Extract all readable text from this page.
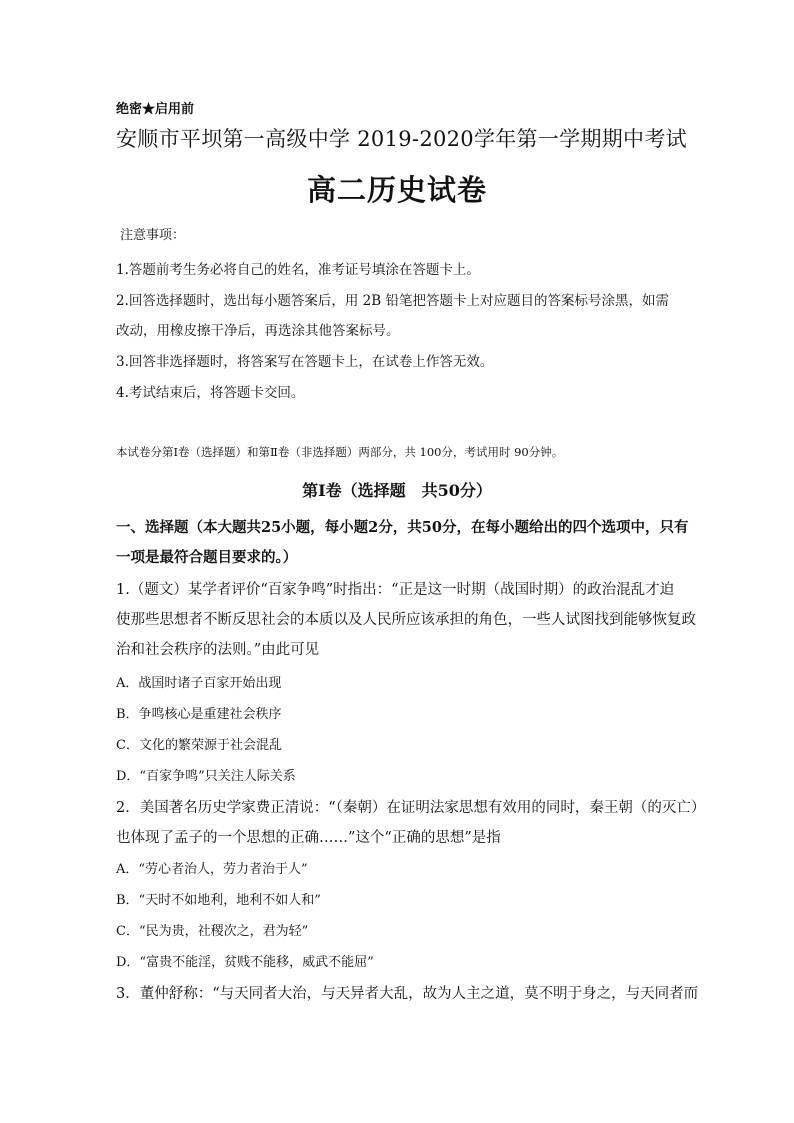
绝密★启用前
安顺市平坝第一高级中学 2019-2020学年第一学期期中考试
高二历史试卷
注意事项：
1.答题前考生务必将自己的姓名，准考证号填涂在答题卡上。
2.回答选择题时，选出每小题答案后，用 2B 铅笔把答题卡上对应题目的答案标号涂黑，如需
改动，用橡皮擦干净后，再选涂其他答案标号。
3.回答非选择题时，将答案写在答题卡上，在试卷上作答无效。
4.考试结束后，将答题卡交回。
本试卷分第Ⅰ卷（选择题）和第Ⅱ卷（非选择题）两部分，共 100分，考试用时 90分钟。
第Ⅰ卷（选择题　共50分）
一、选择题（本大题共25小题，每小题2分，共50分，在每小题给出的四个选项中，只有
一项是最符合题目要求的。）
1.（题文）某学者评价“百家争鸣”时指出：“正是这一时期（战国时期）的政治混乱才迫
使那些思想者不断反思社会的本质以及人民所应该承担的角色，一些人试图找到能够恢复政
治和社会秩序的法则。”由此可见
A．战国时诸子百家开始出现
B．争鸣核心是重建社会秩序
C．文化的繁荣源于社会混乱
D．“百家争鸣”只关注人际关系
2．美国著名历史学家费正清说：“（秦朝）在证明法家思想有效用的同时，秦王朝（的灭亡）
也体现了孟子的一个思想的正确……”这个“正确的思想”是指
A．“劳心者治人，劳力者治于人”
B．“天时不如地利，地利不如人和”
C．“民为贵，社稷次之，君为轻”
D．“富贵不能淫，贫贱不能移，威武不能屈”
3．董仲舒称：“与天同者大治，与天异者大乱，故为人主之道，莫不明于身之，与天同者而
